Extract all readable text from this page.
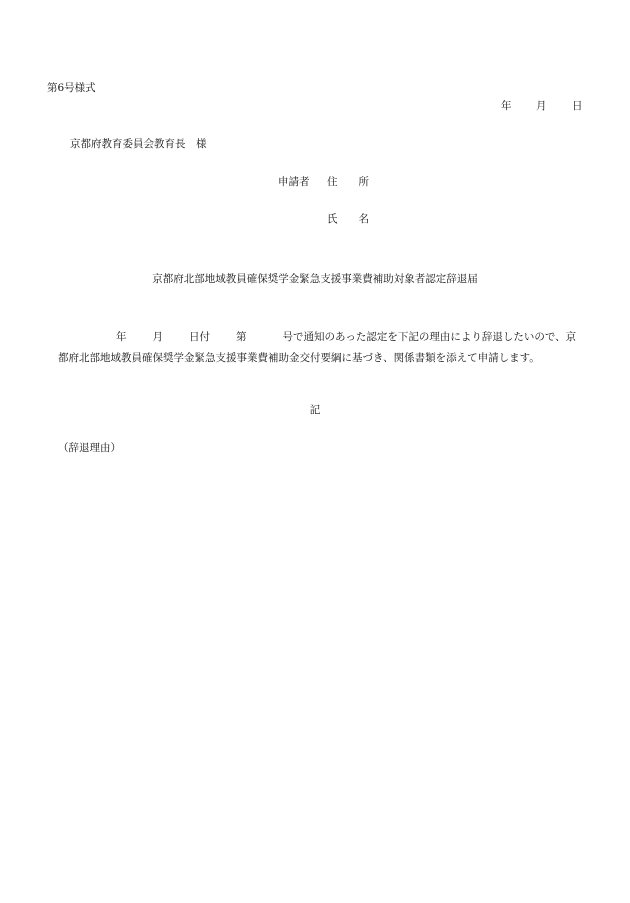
第6号様式
年 月 日
京都府教育委員会教育長　様
申請者 住　　所
氏　　名
京都府北部地域教員確保奨学金緊急支援事業費補助対象者認定辞退届
年 月 日付 第	号で通知のあった認定を下記の理由により辞退したいので、京都府北部地域教員確保奨学金緊急支援事業費補助金交付要綱に基づき、関係書類を添えて申請します。
記
（辞退理由）
